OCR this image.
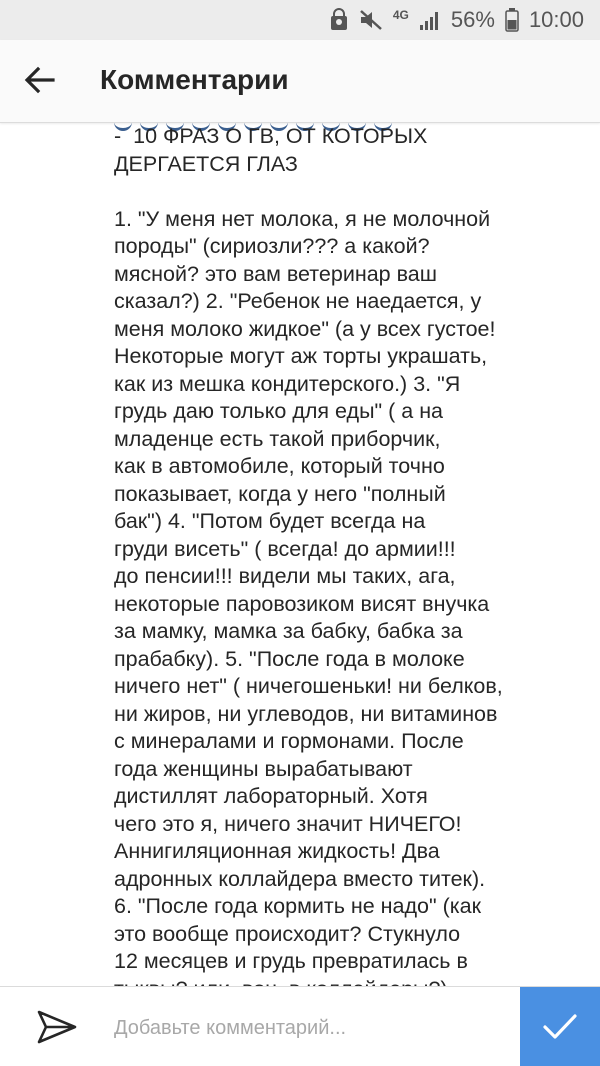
4G 56% 10:00
Комментарии

-  10 ФРАЗ О ГВ, ОТ КОТОРЫХ
ДЕРГАЕТСЯ ГЛАЗ

1. "У меня нет молока, я не молочной
породы" (сириозли??? а какой?
мясной? это вам ветеринар ваш
сказал?) 2. "Ребенок не наедается, у
меня молоко жидкое" (а у всех густое!
Некоторые могут аж торты украшать,
как из мешка кондитерского.) 3. "Я
грудь даю только для еды" ( а на
младенце есть такой приборчик,
как в автомобиле, который точно
показывает, когда у него "полный
бак") 4. "Потом будет всегда на
груди висеть" ( всегда! до армии!!!
до пенсии!!! видели мы таких, ага,
некоторые паровозиком висят внучка
за мамку, мамка за бабку, бабка за
прабабку). 5. "После года в молоке
ничего нет" ( ничегошеньки! ни белков,
ни жиров, ни углеводов, ни витаминов
с минералами и гормонами. После
года женщины вырабатывают
дистиллят лабораторный. Хотя
чего это я, ничего значит НИЧЕГО!
Аннигиляционная жидкость! Два
адронных коллайдера вместо титек).
6. "После года кормить не надо" (как
это вообще происходит? Стукнуло
12 месяцев и грудь превратилась в

Добавьте комментарий...
